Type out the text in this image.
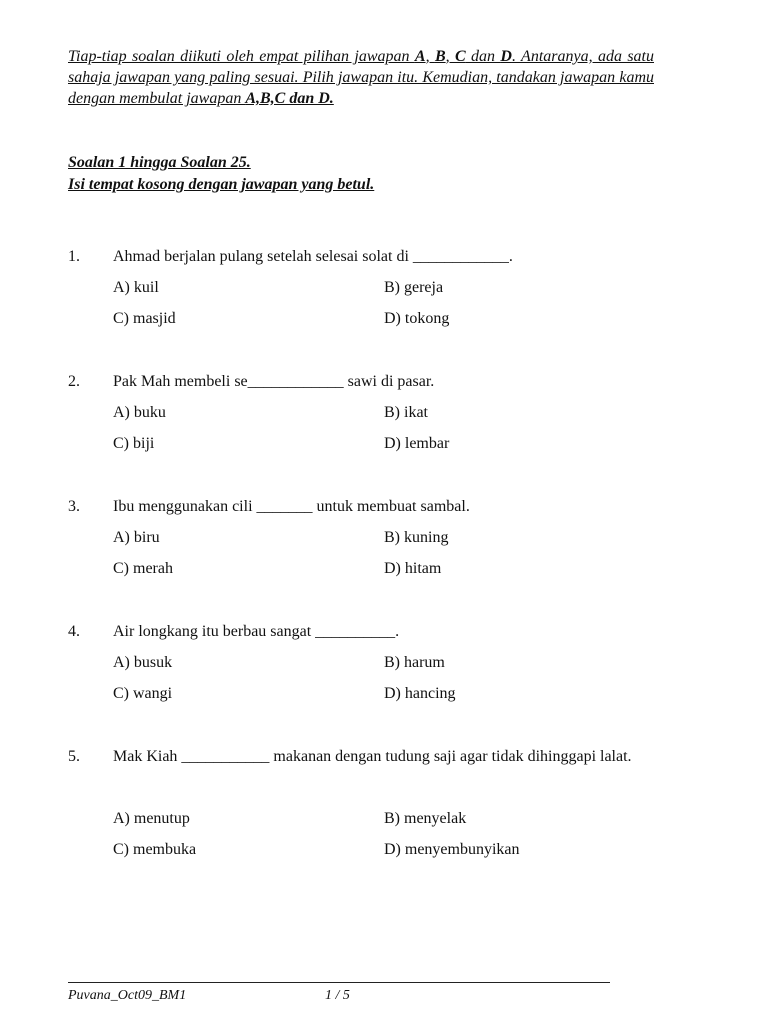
Tiap-tiap soalan diikuti oleh empat pilihan jawapan A, B, C dan D. Antaranya, ada satu sahaja jawapan yang paling sesuai. Pilih jawapan itu. Kemudian, tandakan jawapan kamu dengan membulat jawapan A,B,C dan D.
Soalan 1 hingga Soalan 25.
Isi tempat kosong dengan jawapan yang betul.
1. Ahmad berjalan pulang setelah selesai solat di ____________.
A) kuil	B) gereja
C) masjid	D) tokong
2. Pak Mah membeli se____________ sawi di pasar.
A) buku	B) ikat
C) biji	D) lembar
3. Ibu menggunakan cili _______ untuk membuat sambal.
A) biru	B) kuning
C) merah	D) hitam
4. Air longkang itu berbau sangat __________.
A) busuk	B) harum
C) wangi	D) hancing
5. Mak Kiah ___________ makanan dengan tudung saji agar tidak dihinggapi lalat.
A) menutup	B) menyelak
C) membuka	D) menyembunyikan
Puvana_Oct09_BM1	1 / 5
